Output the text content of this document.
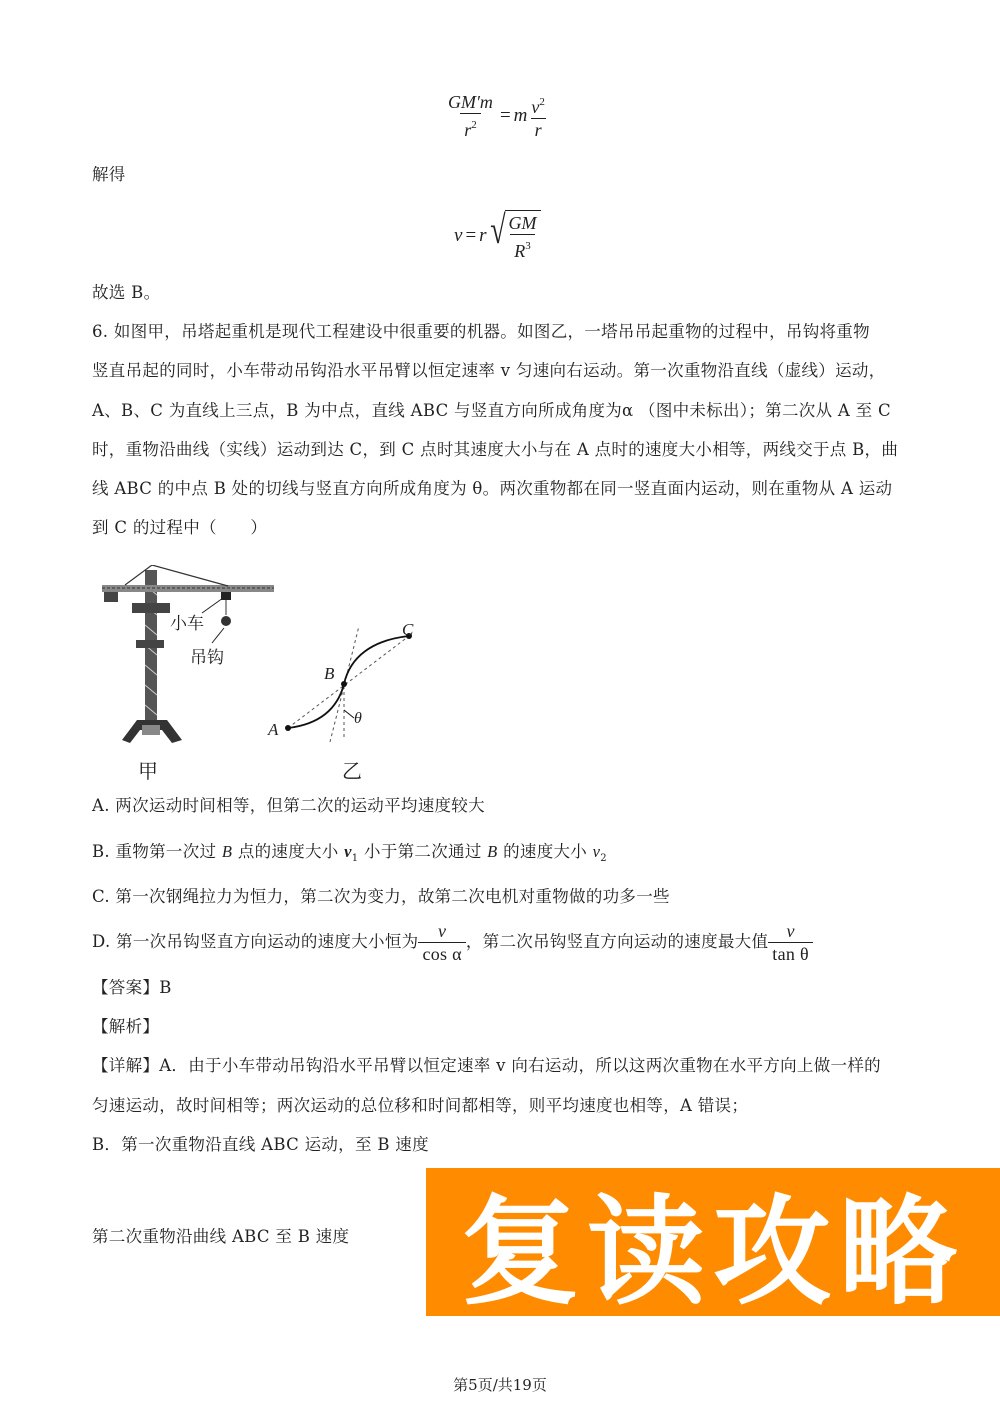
$\frac{GM'm}{r^2} = m \frac{v^2}{r}$
解得
v = r √ $\frac{GM}{R^3}$
故选 B。
6. 如图甲，吊塔起重机是现代工程建设中很重要的机器。如图乙，一塔吊吊起重物的过程中，吊钩将重物
竖直吊起的同时，小车带动吊钩沿水平吊臂以恒定速率 v 匀速向右运动。第一次重物沿直线（虚线）运动，
A、B、C 为直线上三点，B 为中点，直线 ABC 与竖直方向所成角度为α （图中未标出）；第二次从 A 至 C
时，重物沿曲线（实线）运动到达 C，到 C 点时其速度大小与在 A 点时的速度大小相等，两线交于点 B，曲
线 ABC 的中点 B 处的切线与竖直方向所成角度为 θ。两次重物都在同一竖直面内运动，则在重物从 A 运动
到 C 的过程中（　　）
小车
吊钩
甲
A
B
C
θ
乙
A. 两次运动时间相等，但第二次的运动平均速度较大
B. 重物第一次过 B 点的速度大小 $v_1$ 小于第二次通过 B 的速度大小 $v_2$
C. 第一次钢绳拉力为恒力，第二次为变力，故第二次电机对重物做的功多一些
D. 第一次吊钩竖直方向运动的速度大小恒为 $\frac{v}{\text{cos α}}$ ，第二次吊钩竖直方向运动的速度最大值 $\frac{v}{\text{tan θ}}$
【答案】B
【解析】
【详解】A．由于小车带动吊钩沿水平吊臂以恒定速率 v 向右运动，所以这两次重物在水平方向上做一样的
匀速运动，故时间相等；两次运动的总位移和时间都相等，则平均速度也相等，A 错误；
B．第一次重物沿直线 ABC 运动，至 B 速度
第二次重物沿曲线 ABC 至 B 速度 复读攻略
第5页/共19页
